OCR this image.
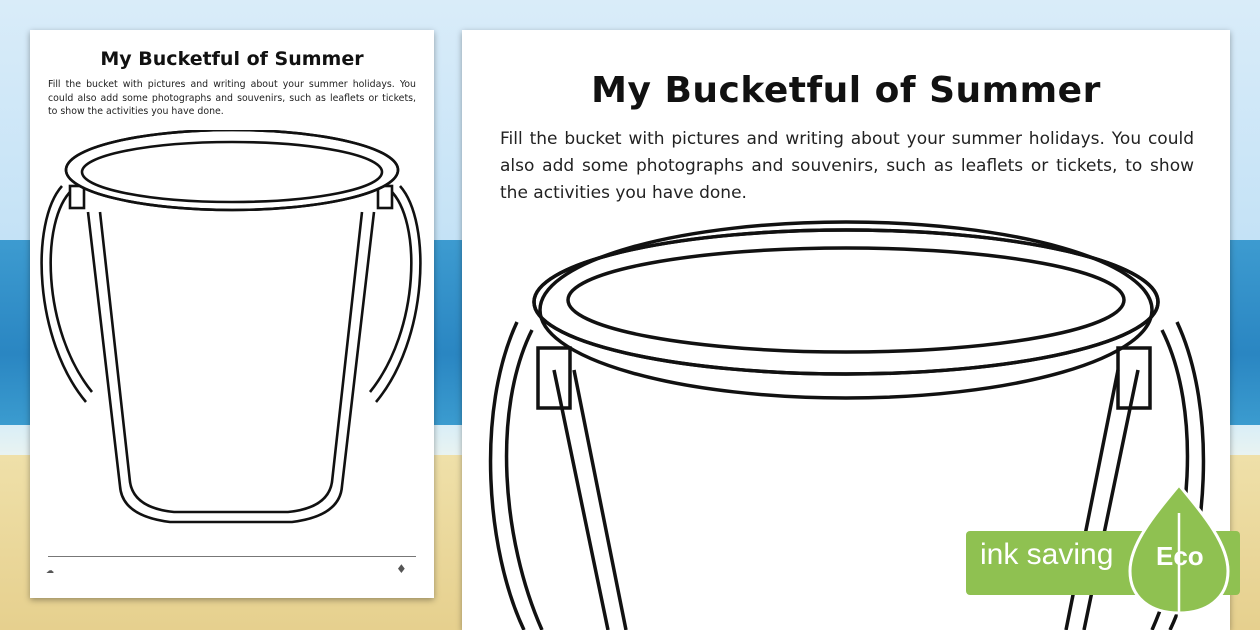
My Bucketful of Summer
Fill the bucket with pictures and writing about your summer holidays. You could also add some photographs and souvenirs, such as leaflets or tickets, to show the activities you have done.
☁	♦
My Bucketful of Summer
Fill the bucket with pictures and writing about your summer holidays. You could also add some photographs and souvenirs, such as leaflets or tickets, to show the activities you have done.
ink saving Eco
